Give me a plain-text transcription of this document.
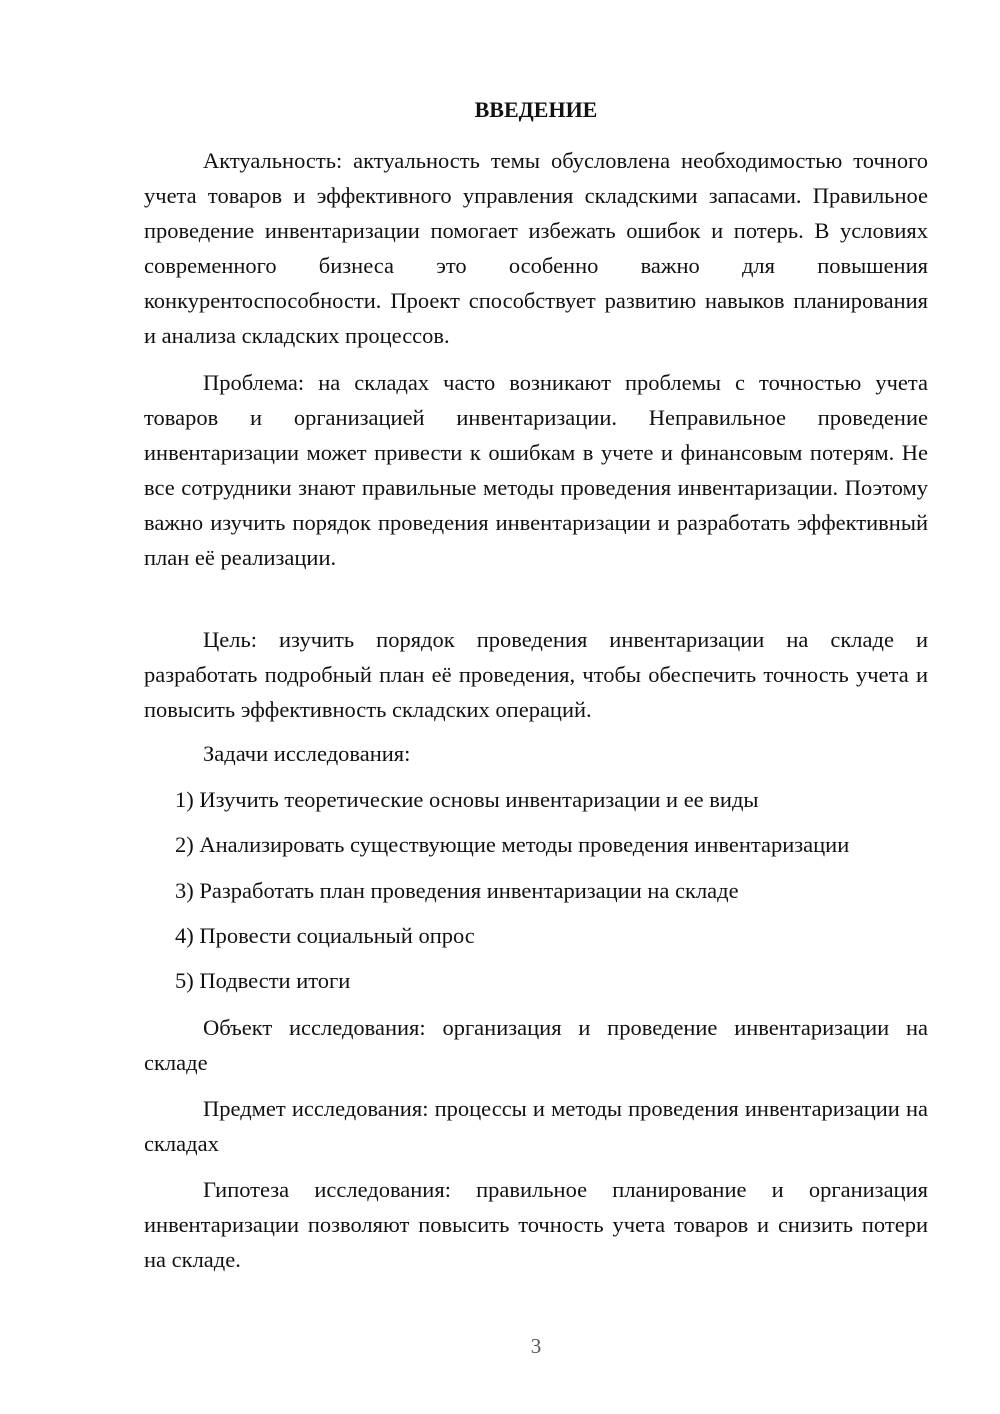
ВВЕДЕНИЕ

Актуальность: актуальность темы обусловлена необходимостью точного учета товаров и эффективного управления складскими запасами. Правильное проведение инвентаризации помогает избежать ошибок и потерь. В условиях современного бизнеса это особенно важно для повышения конкурентоспособности. Проект способствует развитию навыков планирования и анализа складских процессов.

Проблема: на складах часто возникают проблемы с точностью учета товаров и организацией инвентаризации. Неправильное проведение инвентаризации может привести к ошибкам в учете и финансовым потерям. Не все сотрудники знают правильные методы проведения инвентаризации. Поэтому важно изучить порядок проведения инвентаризации и разработать эффективный план её реализации.

Цель: изучить порядок проведения инвентаризации на складе и разработать подробный план её проведения, чтобы обеспечить точность учета и повысить эффективность складских операций.

Задачи исследования:
1) Изучить теоретические основы инвентаризации и ее виды
2) Анализировать существующие методы проведения инвентаризации
3) Разработать план проведения инвентаризации на складе
4) Провести социальный опрос
5) Подвести итоги

Объект исследования: организация и проведение инвентаризации на складе

Предмет исследования: процессы и методы проведения инвентаризации на складах

Гипотеза исследования: правильное планирование и организация инвентаризации позволяют повысить точность учета товаров и снизить потери на складе.

3
